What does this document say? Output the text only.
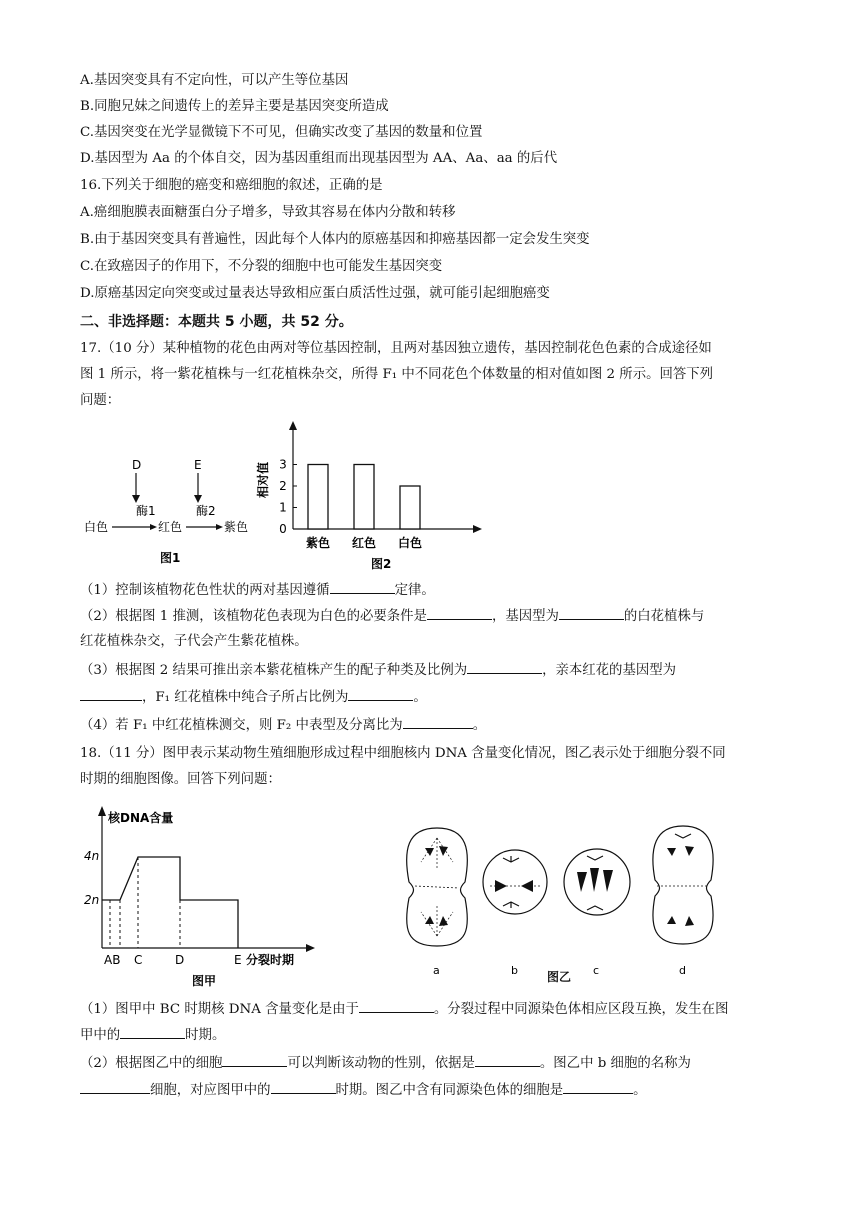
A.基因突变具有不定向性，可以产生等位基因
B.同胞兄妹之间遗传上的差异主要是基因突变所造成
C.基因突变在光学显微镜下不可见，但确实改变了基因的数量和位置
D.基因型为 Aa 的个体自交，因为基因重组而出现基因型为 AA、Aa、aa 的后代
16.下列关于细胞的癌变和癌细胞的叙述，正确的是
A.癌细胞膜表面糖蛋白分子增多，导致其容易在体内分散和转移
B.由于基因突变具有普遍性，因此每个人体内的原癌基因和抑癌基因都一定会发生突变
C.在致癌因子的作用下，不分裂的细胞中也可能发生基因突变
D.原癌基因定向突变或过量表达导致相应蛋白质活性过强，就可能引起细胞癌变
二、非选择题：本题共 5 小题，共 52 分。
17.（10 分）某种植物的花色由两对等位基因控制，且两对基因独立遗传，基因控制花色色素的合成途径如
图 1 所示，将一紫花植株与一红花植株杂交，所得 F₁ 中不同花色个体数量的相对值如图 2 所示。回答下列
问题：
D
酶1
E
酶2
白色	红色	紫色
图1
相对值
0
1
2
3
紫色 红色 白色
图2
（1）控制该植物花色性状的两对基因遵循	定律。
（2）根据图 1 推测，该植物花色表现为白色的必要条件是	，基因型为	的白花植株与
红花植株杂交，子代会产生紫花植株。
（3）根据图 2 结果可推出亲本紫花植株产生的配子种类及比例为	，亲本红花的基因型为
，F₁ 红花植株中纯合子所占比例为	。
（4）若 F₁ 中红花植株测交，则 F₂ 中表型及分离比为	。
18.（11 分）图甲表示某动物生殖细胞形成过程中细胞核内 DNA 含量变化情况，图乙表示处于细胞分裂不同
时期的细胞图像。回答下列问题：
核DNA含量
4n
2n
AB C	D	E 分裂时期
图甲
a	b	c	d
图乙
（1）图甲中 BC 时期核 DNA 含量变化是由于	。分裂过程中同源染色体相应区段互换，发生在图
甲中的	时期。
（2）根据图乙中的细胞	可以判断该动物的性别，依据是	。图乙中 b 细胞的名称为
细胞，对应图甲中的	时期。图乙中含有同源染色体的细胞是	。
